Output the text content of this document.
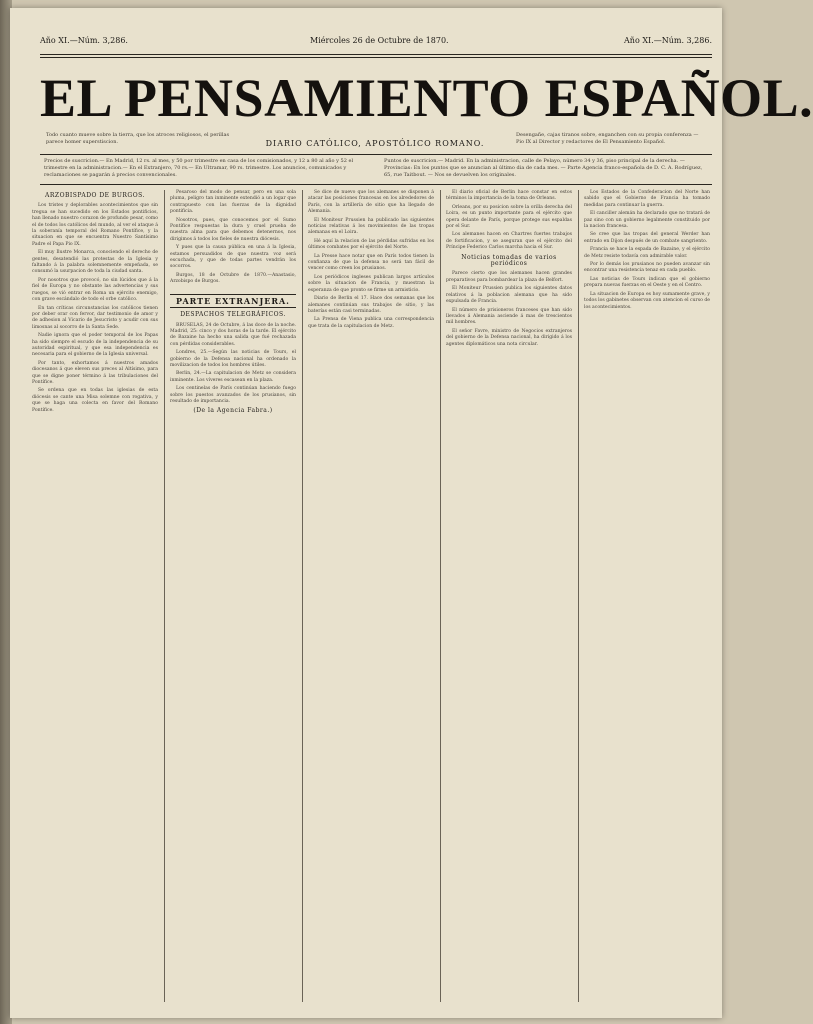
Año XI.—Núm. 3,286.	Miércoles 26 de Octubre de 1870.	Año XI.—Núm. 3,286.
EL PENSAMIENTO ESPAÑOL.
Todo cuanto mueve sobre la tierra, que los atroces religiosos, el perillas parece homer superstiscion.	DIARIO CATÓLICO, APOSTÓLICO ROMANO.
Desengañe, cajas tiranos sobre, enganchen con su propia conferenza —Pio IX al Director y redactores de El Pensamiento Español.
Precios de suscricion.— En Madrid, 12 rs. al mes, y 50 por trimestre en casa de los comisionados, y 12 a 80 al año y 52 el trimestre en la administracion.— En el Extranjero, 70 rs.— En Ultramar, 90 rs. trimestre. Los anuncios, comunicados y reclamaciones se pagarán á precios convencionales.
Puntos de suscricion.— Madrid. En la administracion, calle de Pelayo, número 34 y 36, piso principal de la derecha. — Provincias: En los puntos que se anuncian al último dia de cada mes. — Parte Agencia franco-española de D. C. A. Rodríguez, 65, rue Taitbout. — Nos se devuelven los originales.

ARZOBISPADO DE BURGOS.

Los tristes y deplorables acontecimientos que sin tregua se han sucedido en los Estados pontificios, han llenado nuestro corazon de profundo pesar, como el de todos los católicos del mundo, al ver el ataque á la soberanía temporal del Romano Pontífice, y la situacion en que se encuentra Nuestro Santísimo Padre el Papa Pio IX.

El muy Ilustre Monarca, conociendo el derecho de gentes, desatendió las protestas de la Iglesia y faltando á la palabra solemnemente empeñada, se consumó la usurpacion de toda la ciudad santa.

Por nosotros que provocó, no sin lúcidos que á la fiel de Europa y no obstante las advertencias y sus ruegos, se vió entrar en Roma un ejército enemigo, con grave escándalo de todo el orbe católico.

En tan críticas circunstancias los católicos tienen por deber orar con fervor, dar testimonio de amor y de adhesion al Vicario de Jesucristo y acudir con sus limosnas al socorro de la Santa Sede.

Nadie ignora que el poder temporal de los Papas ha sido siempre el escudo de la independencia de su autoridad espiritual, y que esa independencia es necesaria para el gobierno de la Iglesia universal.

Por tanto, exhortamos á nuestros amados diocesanos á que eleven sus preces al Altísimo, para que se digne poner término á las tribulaciones del Pontífice.

Se ordena que en todas las iglesias de esta diócesis se cante una Misa solemne con rogativa, y que se haga una colecta en favor del Romano Pontífice.

Pesaroso del modo de pensar, pero en una sola pluma, peligro tan inminente extendió a un logar que contrapuesto con las fuerzas de la dignidad pontificia.

Nosotros, pues, que conocemos por el Sumo Pontífice respuestas la dura y cruel prueba de nuestra alma para que debemos detenernos, nos dirigimos á todos los fieles de nuestra diócesis.

Y pues que la causa pública en una á la Iglesia, estamos persuadidos de que nuestra voz será escuchada, y que de todas partes vendrán los socorros.

Burgos, 18 de Octubre de 1870.—Anastasio, Arzobispo de Burgos.

PARTE EXTRANJERA.

DESPACHOS TELEGRÁFICOS.

BRUSELAS, 24 de Octubre, á las doce de la noche. Madrid, 25: cinco y dos horas de la tarde. El ejército de Bazaine ha hecho una salida que fué rechazada con pérdidas considerables.

Londres, 25.—Según las noticias de Tours, el gobierno de la Defensa nacional ha ordenado la movilizacion de todos los hombres útiles.

Berlin, 24.—La capitulacion de Metz se considera inminente. Los víveres escasean en la plaza.

Los centinelas de París continúan haciendo fuego sobre los puestos avanzados de los prusianos, sin resultado de importancia.

(De la Agencia Fabra.)

Se dice de nuevo que los alemanes se disponen á atacar las posiciones francesas en los alrededores de París, con la artillería de sitio que ha llegado de Alemania.

El Moniteur Prussien ha publicado las siguientes noticias relativas á los movimientos de las tropas alemanas en el Loira.

Hé aquí la relacion de las pérdidas sufridas en los últimos combates por el ejército del Norte.

La Presse hace notar que en París todos tienen la confianza de que la defensa no será tan fácil de vencer como creen los prusianos.

Los periódicos ingleses publican largos artículos sobre la situacion de Francia, y muestran la esperanza de que pronto se firme un armisticio.

Diario de Berlin el 17. Hace dos semanas que los alemanes continúan sus trabajos de sitio, y las baterías están casi terminadas.

La Prensa de Viena publica una correspondencia que trata de la capitulacion de Metz.

El diario oficial de Berlin hace constar en estos términos la importancia de la toma de Orleans.

Orleans, por su posicion sobre la orilla derecha del Loira, es un punto importante para el ejército que opera delante de París, porque protege sus espaldas por el Sur.

Los alemanes hacen en Chartres fuertes trabajos de fortificacion, y se aseguran que el ejército del Príncipe Federico Carlos marcha hacia el Sur.

Noticias tomadas de varios periódicos

Parece cierto que los alemanes hacen grandes preparativos para bombardear la plaza de Belfort.

El Moniteur Prussien publica los siguientes datos relativos á la poblacion alemana que ha sido expulsada de Francia.

El número de prisioneros franceses que han sido llevados á Alemania asciende á mas de trescientos mil hombres.

El señor Favre, ministro de Negocios extranjeros del gobierno de la Defensa nacional, ha dirigido á los agentes diplomáticos una nota circular.

Los Estados de la Confederacion del Norte han sabido que el Gobierno de Francia ha tomado medidas para continuar la guerra.

El canciller alemán ha declarado que no tratará de paz sino con un gobierno legalmente constituido por la nacion francesa.

Se cree que las tropas del general Werder han entrado en Dijon después de un combate sangriento.

Francia se hace la espada de Bazaine, y el ejército de Metz resiste todavía con admirable valor.

Por lo demás los prusianos no pueden avanzar sin encontrar una resistencia tenaz en cada pueblo.

Las noticias de Tours indican que el gobierno prepara nuevas fuerzas en el Oeste y en el Centro.

La situacion de Europa es hoy sumamente grave, y todos los gabinetes observan con atencion el curso de los acontecimientos.
